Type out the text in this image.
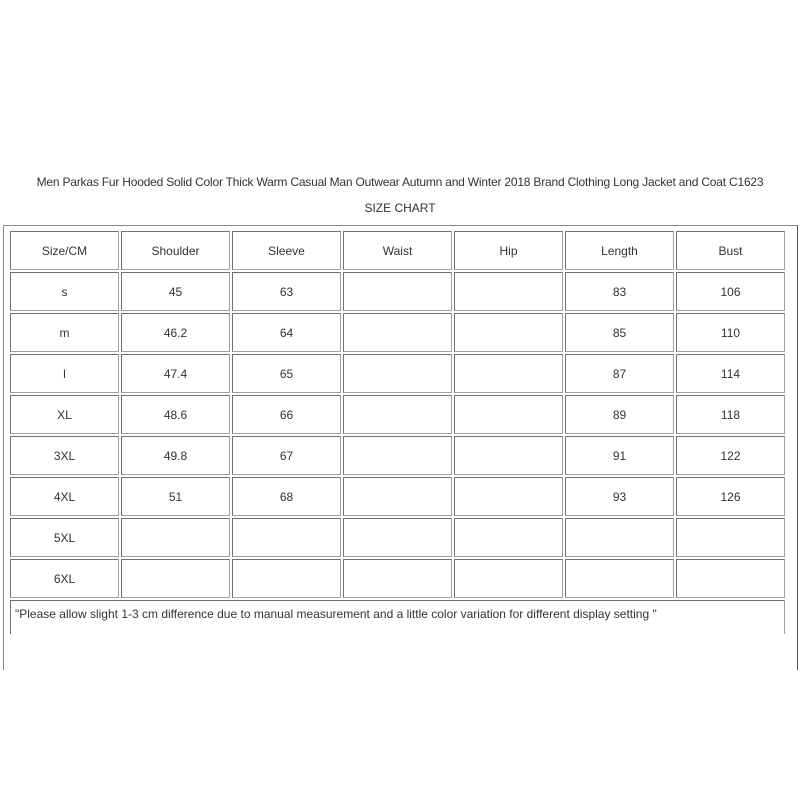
Men Parkas Fur Hooded Solid Color Thick Warm Casual Man Outwear Autumn and Winter 2018 Brand Clothing Long Jacket and Coat C1623
SIZE CHART
Size/CM	Shoulder	Sleeve	Waist	Hip	Length	Bust
s	45	63			83	106
m	46.2	64			85	110
l	47.4	65			87	114
XL	48.6	66			89	118
3XL	49.8	67			91	122
4XL	51	68			93	126
5XL						
6XL						
"Please allow slight 1-3 cm difference due to manual measurement and a little color variation for different display setting "						
